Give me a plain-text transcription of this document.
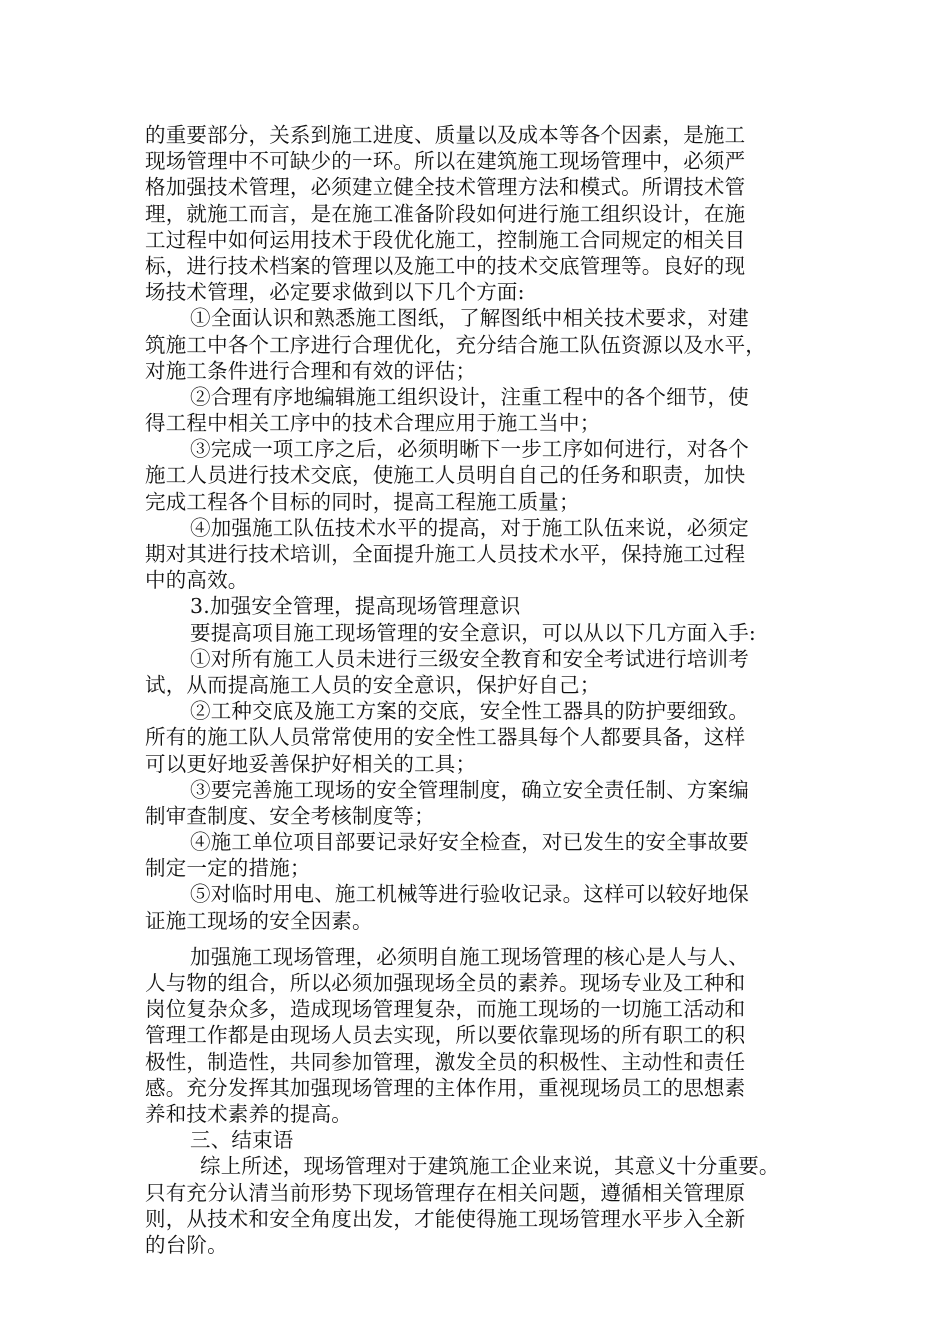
的重要部分，关系到施工进度、质量以及成本等各个因素，是施工
现场管理中不可缺少的一环。所以在建筑施工现场管理中，必须严
格加强技术管理，必须建立健全技术管理方法和模式。所谓技术管
理，就施工而言，是在施工准备阶段如何进行施工组织设计，在施
工过程中如何运用技术于段优化施工，控制施工合同规定的相关目
标，进行技术档案的管理以及施工中的技术交底管理等。良好的现
场技术管理，必定要求做到以下几个方面:
①全面认识和熟悉施工图纸，了解图纸中相关技术要求，对建
筑施工中各个工序进行合理优化，充分结合施工队伍资源以及水平，
对施工条件进行合理和有效的评估；
②合理有序地编辑施工组织设计，注重工程中的各个细节，使
得工程中相关工序中的技术合理应用于施工当中；
③完成一项工序之后，必须明晰下一步工序如何进行，对各个
施工人员进行技术交底，使施工人员明自自己的任务和职责，加快
完成工程各个目标的同时，提高工程施工质量；
④加强施工队伍技术水平的提高，对于施工队伍来说，必须定
期对其进行技术培训，全面提升施工人员技术水平，保持施工过程
中的高效。
3.加强安全管理，提高现场管理意识
要提高项目施工现场管理的安全意识，可以从以下几方面入手:
①对所有施工人员未进行三级安全教育和安全考试进行培训考
试，从而提高施工人员的安全意识，保护好自己；
②工种交底及施工方案的交底，安全性工器具的防护要细致。
所有的施工队人员常常使用的安全性工器具每个人都要具备，这样
可以更好地妥善保护好相关的工具；
③要完善施工现场的安全管理制度，确立安全责任制、方案编
制审查制度、安全考核制度等；
④施工单位项目部要记录好安全检查，对已发生的安全事故要
制定一定的措施；
⑤对临时用电、施工机械等进行验收记录。这样可以较好地保
证施工现场的安全因素。
加强施工现场管理，必须明自施工现场管理的核心是人与人、
人与物的组合，所以必须加强现场全员的素养。现场专业及工种和
岗位复杂众多，造成现场管理复杂，而施工现场的一切施工活动和
管理工作都是由现场人员去实现，所以要依靠现场的所有职工的积
极性，制造性，共同参加管理，激发全员的积极性、主动性和责任
感。充分发挥其加强现场管理的主体作用，重视现场员工的思想素
养和技术素养的提高。
三、结束语
综上所述，现场管理对于建筑施工企业来说，其意义十分重要。
只有充分认清当前形势下现场管理存在相关问题，遵循相关管理原
则，从技术和安全角度出发，才能使得施工现场管理水平步入全新
的台阶。
